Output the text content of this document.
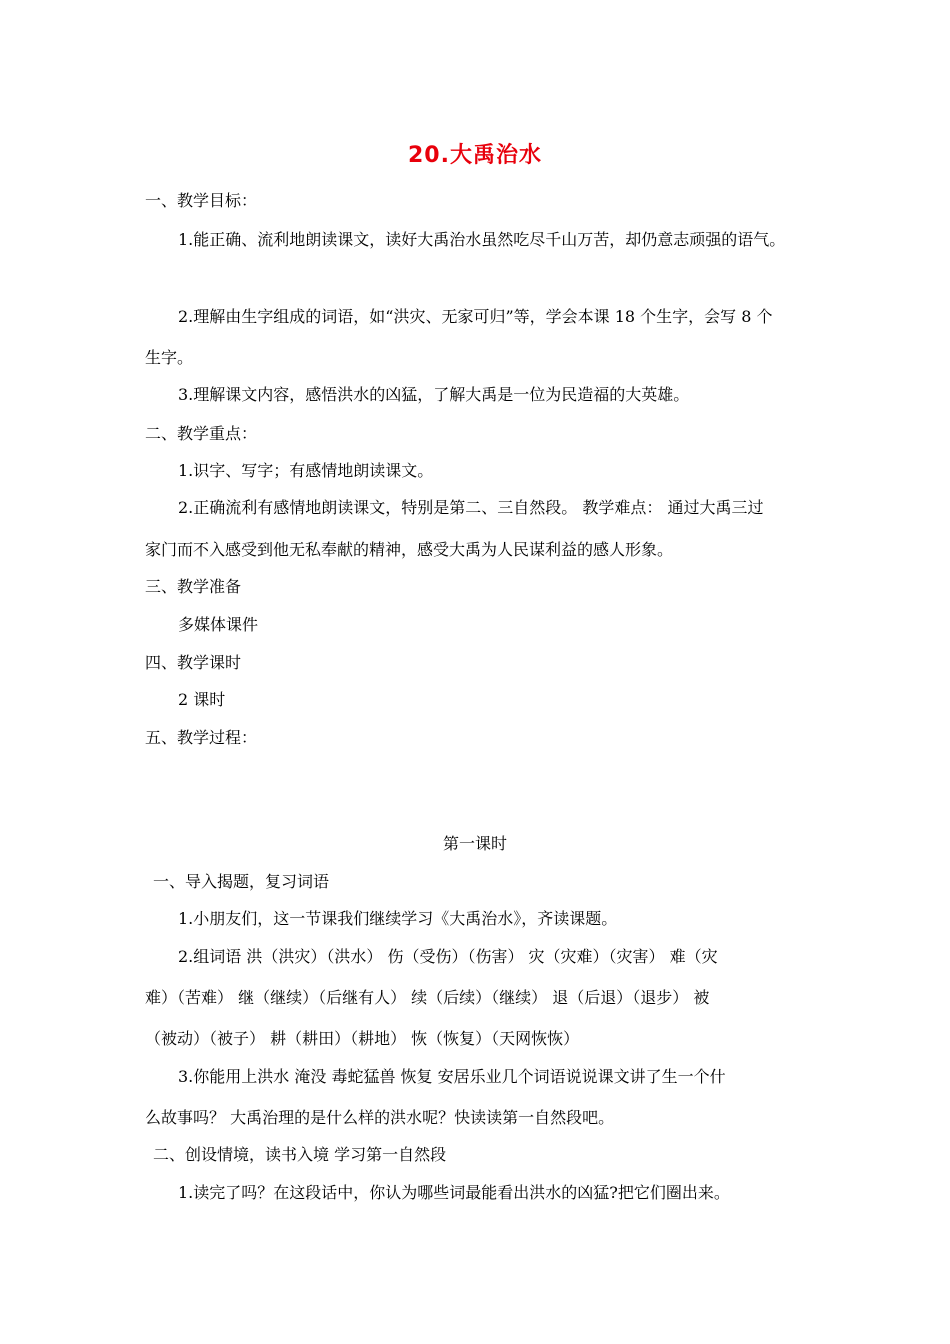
20.大禹治水
一、教学目标：
1.能正确、流利地朗读课文，读好大禹治水虽然吃尽千山万苦，却仍意志顽强的语气。
2.理解由生字组成的词语，如“洪灾、无家可归”等，学会本课 18 个生字，会写 8 个
生字。
3.理解课文内容，感悟洪水的凶猛，了解大禹是一位为民造福的大英雄。
二、教学重点：
1.识字、写字；有感情地朗读课文。
2.正确流利有感情地朗读课文，特别是第二、三自然段。 教学难点： 通过大禹三过
家门而不入感受到他无私奉献的精神，感受大禹为人民谋利益的感人形象。
三、教学准备
多媒体课件
四、教学课时
2 课时
五、教学过程：
第一课时
一、导入揭题，复习词语
1.小朋友们，这一节课我们继续学习《大禹治水》，齐读课题。
2.组词语 洪（洪灾）（洪水） 伤（受伤）（伤害） 灾（灾难）（灾害） 难（灾
难）（苦难） 继（继续）（后继有人） 续（后续）（继续） 退（后退）（退步） 被
（被动）（被子） 耕（耕田）（耕地） 恢（恢复）（天网恢恢）
3.你能用上洪水 淹没 毒蛇猛兽 恢复 安居乐业几个词语说说课文讲了生一个什
么故事吗？ 大禹治理的是什么样的洪水呢？快读读第一自然段吧。
二、创设情境，读书入境 学习第一自然段
1.读完了吗？在这段话中，你认为哪些词最能看出洪水的凶猛?把它们圈出来。
